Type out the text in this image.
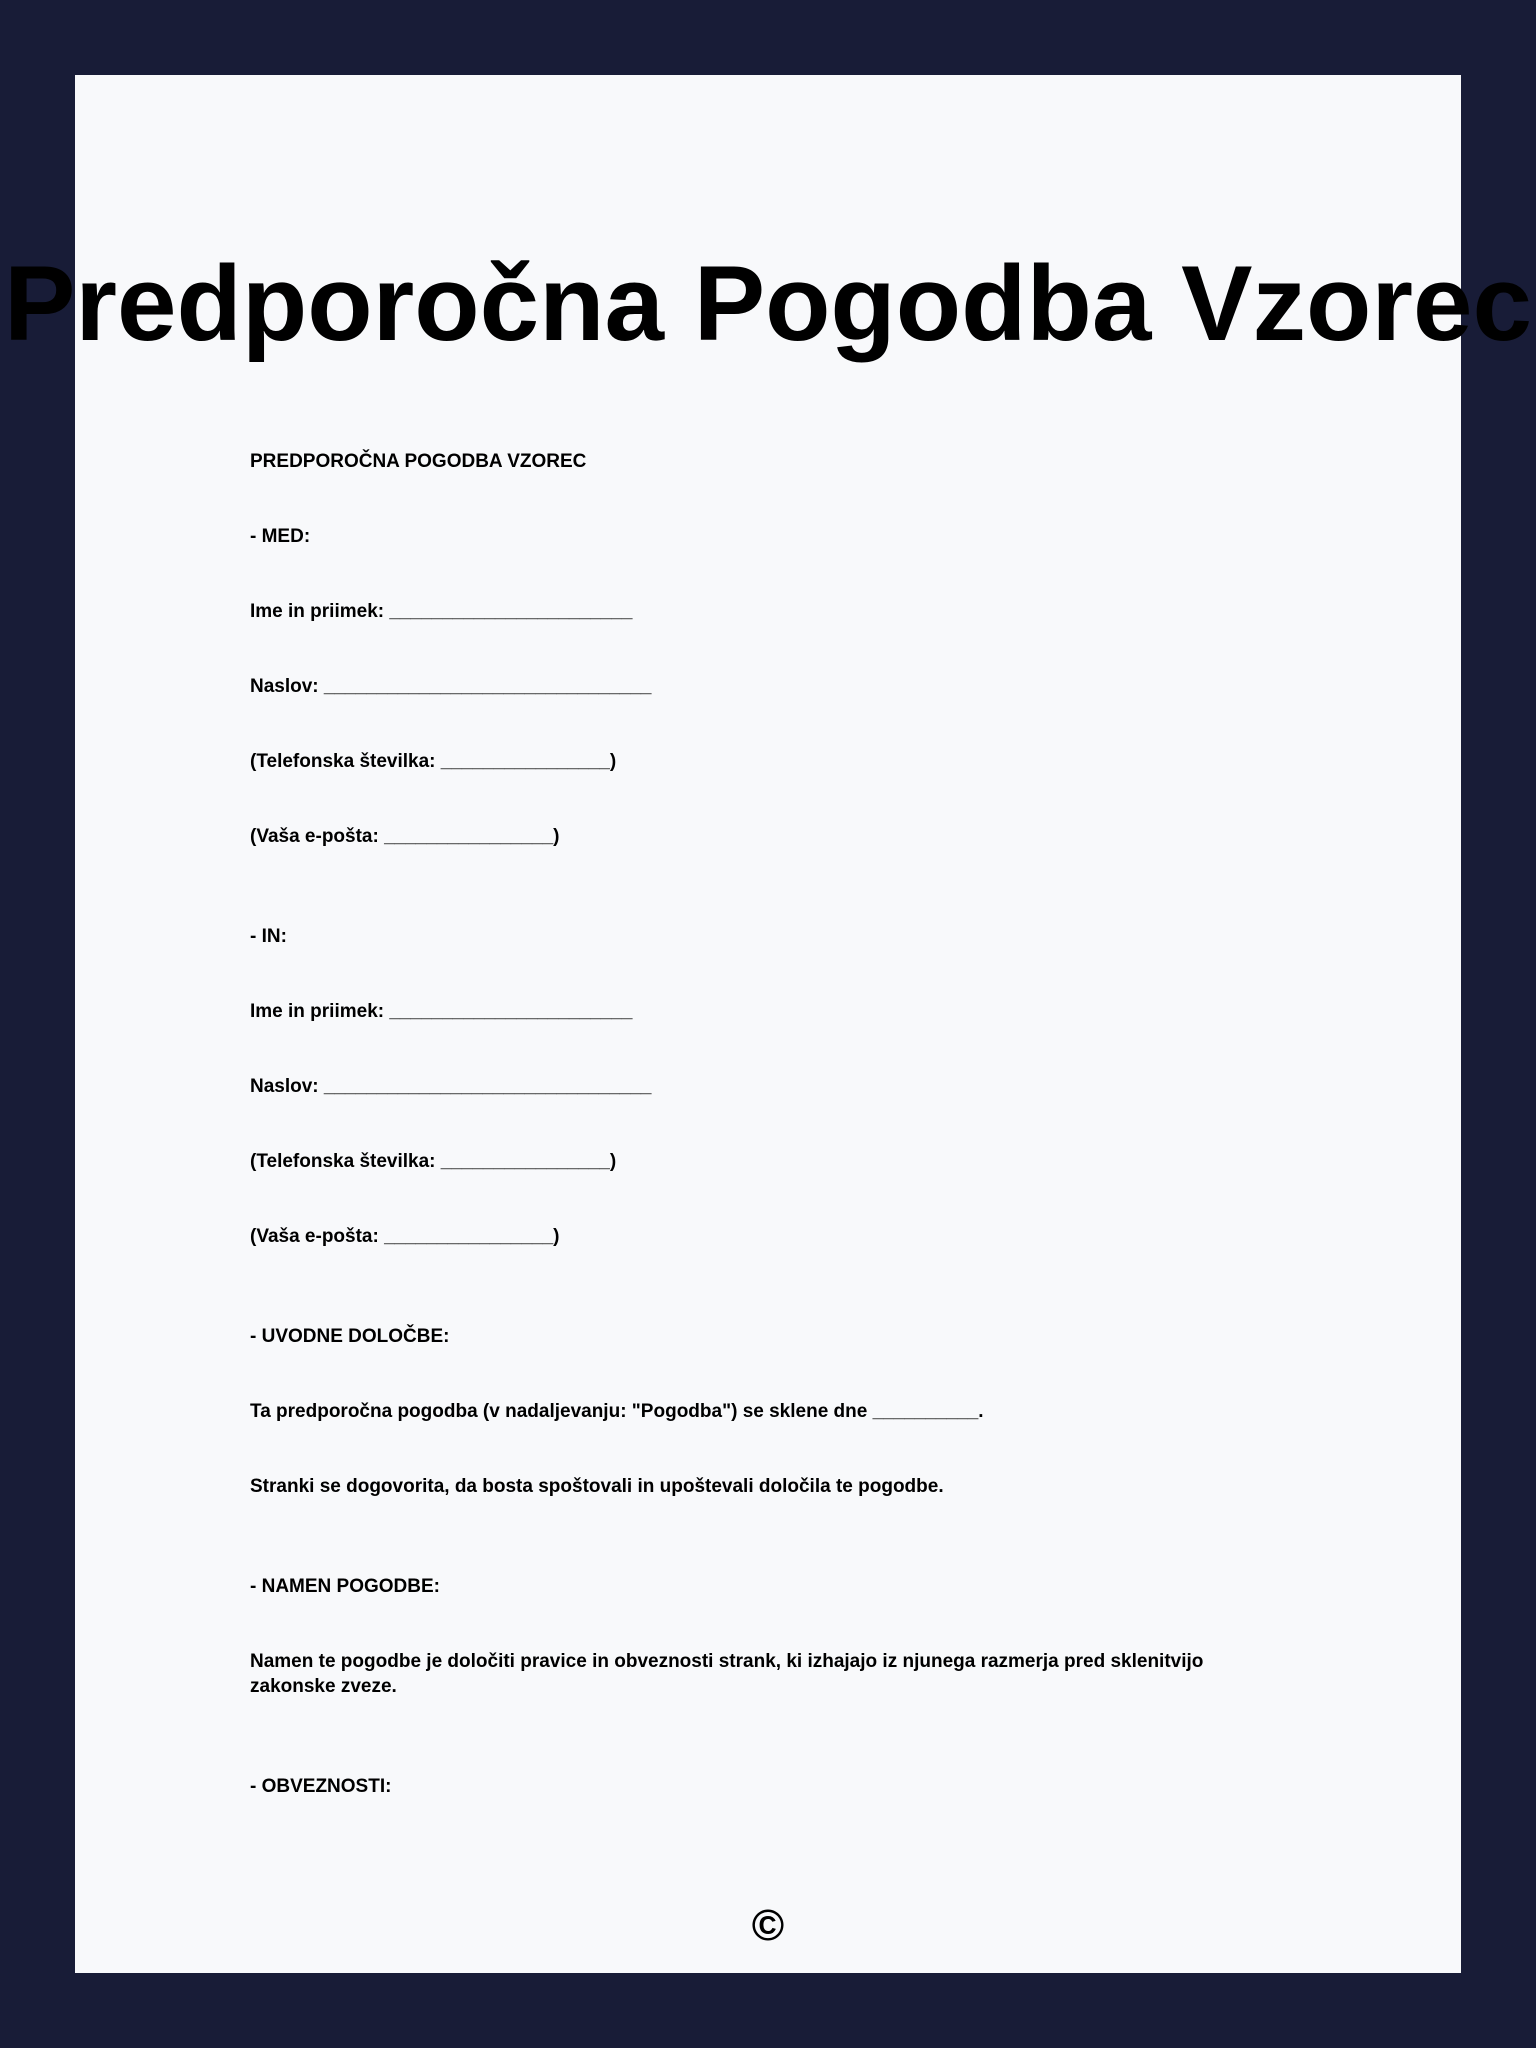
Predporočna Pogodba Vzorec
PREDPOROČNA POGODBA VZOREC
- MED:
Ime in priimek: _______________________
Naslov: _______________________________
(Telefonska številka: ________________)
(Vaša e-pošta: ________________)
- IN:
Ime in priimek: _______________________
Naslov: _______________________________
(Telefonska številka: ________________)
(Vaša e-pošta: ________________)
- UVODNE DOLOČBE:
Ta predporočna pogodba (v nadaljevanju: "Pogodba") se sklene dne __________.
Stranki se dogovorita, da bosta spoštovali in upoštevali določila te pogodbe.
- NAMEN POGODBE:
Namen te pogodbe je določiti pravice in obveznosti strank, ki izhajajo iz njunega razmerja pred sklenitvijo zakonske zveze.
- OBVEZNOSTI:
©
